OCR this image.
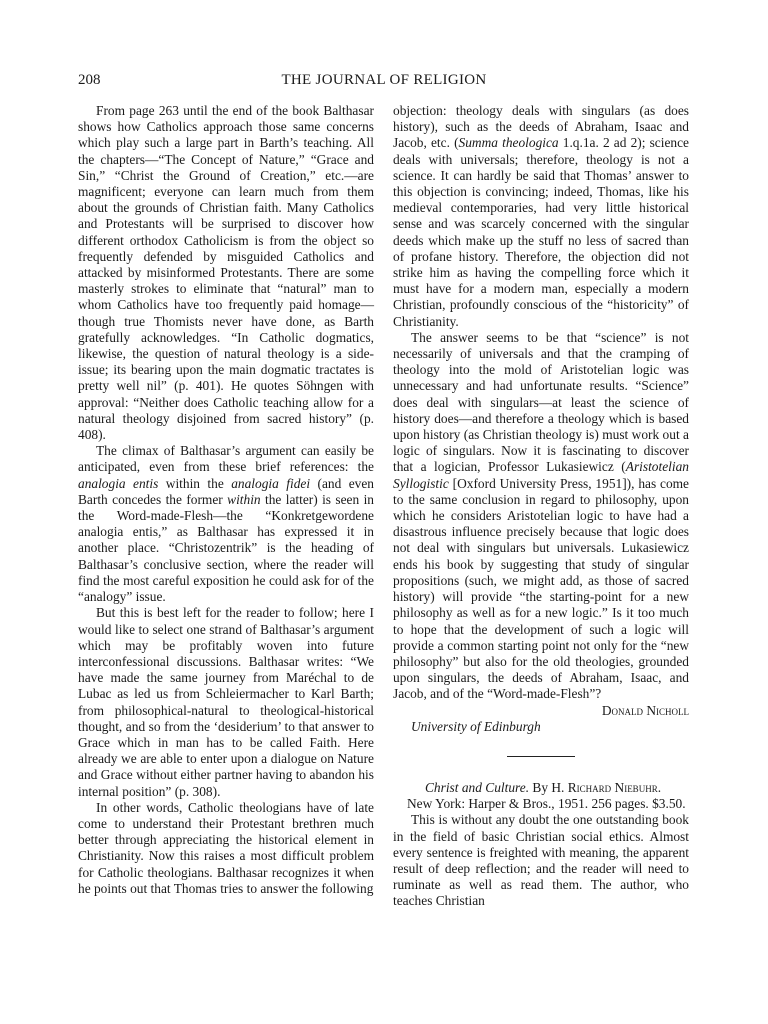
208	THE JOURNAL OF RELIGION

From page 263 until the end of the book Balthasar shows how Catholics approach those same concerns which play such a large part in Barth’s teaching. All the chapters—“The Concept of Nature,” “Grace and Sin,” “Christ the Ground of Creation,” etc.—are magnificent; everyone can learn much from them about the grounds of Christian faith. Many Catholics and Protestants will be surprised to discover how different orthodox Catholicism is from the object so frequently defended by misguided Catholics and attacked by misinformed Protestants. There are some masterly strokes to eliminate that “natural” man to whom Catholics have too frequently paid homage—though true Thomists never have done, as Barth gratefully acknowledges. “In Catholic dogmatics, likewise, the question of natural theology is a side-issue; its bearing upon the main dogmatic tractates is pretty well nil” (p. 401). He quotes Söhngen with approval: “Neither does Catholic teaching allow for a natural theology disjoined from sacred history” (p. 408).

The climax of Balthasar’s argument can easily be anticipated, even from these brief references: the analogia entis within the analogia fidei (and even Barth concedes the former within the latter) is seen in the Word-made-Flesh—the “Konkretgewordene analogia entis,” as Balthasar has expressed it in another place. “Christozentrik” is the heading of Balthasar’s conclusive section, where the reader will find the most careful exposition he could ask for of the “analogy” issue.

But this is best left for the reader to follow; here I would like to select one strand of Balthasar’s argument which may be profitably woven into future interconfessional discussions. Balthasar writes: “We have made the same journey from Maréchal to de Lubac as led us from Schleiermacher to Karl Barth; from philosophical-natural to theological-historical thought, and so from the ‘desiderium’ to that answer to Grace which in man has to be called Faith. Here already we are able to enter upon a dialogue on Nature and Grace without either partner having to abandon his internal position” (p. 308).

In other words, Catholic theologians have of late come to understand their Protestant brethren much better through appreciating the historical element in Christianity. Now this raises a most difficult problem for Catholic theologians. Balthasar recognizes it when he points out that Thomas tries to answer the following

objection: theology deals with singulars (as does history), such as the deeds of Abraham, Isaac and Jacob, etc. (Summa theologica 1.q.1a. 2 ad 2); science deals with universals; therefore, theology is not a science. It can hardly be said that Thomas’ answer to this objection is convincing; indeed, Thomas, like his medieval contemporaries, had very little historical sense and was scarcely concerned with the singular deeds which make up the stuff no less of sacred than of profane history. Therefore, the objection did not strike him as having the compelling force which it must have for a modern man, especially a modern Christian, profoundly conscious of the “historicity” of Christianity.

The answer seems to be that “science” is not necessarily of universals and that the cramping of theology into the mold of Aristotelian logic was unnecessary and had unfortunate results. “Science” does deal with singulars—at least the science of history does—and therefore a theology which is based upon history (as Christian theology is) must work out a logic of singulars. Now it is fascinating to discover that a logician, Professor Lukasiewicz (Aristotelian Syllogistic [Oxford University Press, 1951]), has come to the same conclusion in regard to philosophy, upon which he considers Aristotelian logic to have had a disastrous influence precisely because that logic does not deal with singulars but universals. Lukasiewicz ends his book by suggesting that study of singular propositions (such, we might add, as those of sacred history) will provide “the starting-point for a new philosophy as well as for a new logic.” Is it too much to hope that the development of such a logic will provide a common starting point not only for the “new philosophy” but also for the old theologies, grounded upon singulars, the deeds of Abraham, Isaac, and Jacob, and of the “Word-made-Flesh”?

Donald Nicholl

University of Edinburgh

Christ and Culture. By H. Richard Niebuhr. New York: Harper & Bros., 1951. 256 pages. $3.50.

This is without any doubt the one outstanding book in the field of basic Christian social ethics. Almost every sentence is freighted with meaning, the apparent result of deep reflection; and the reader will need to ruminate as well as read them. The author, who teaches Christian
